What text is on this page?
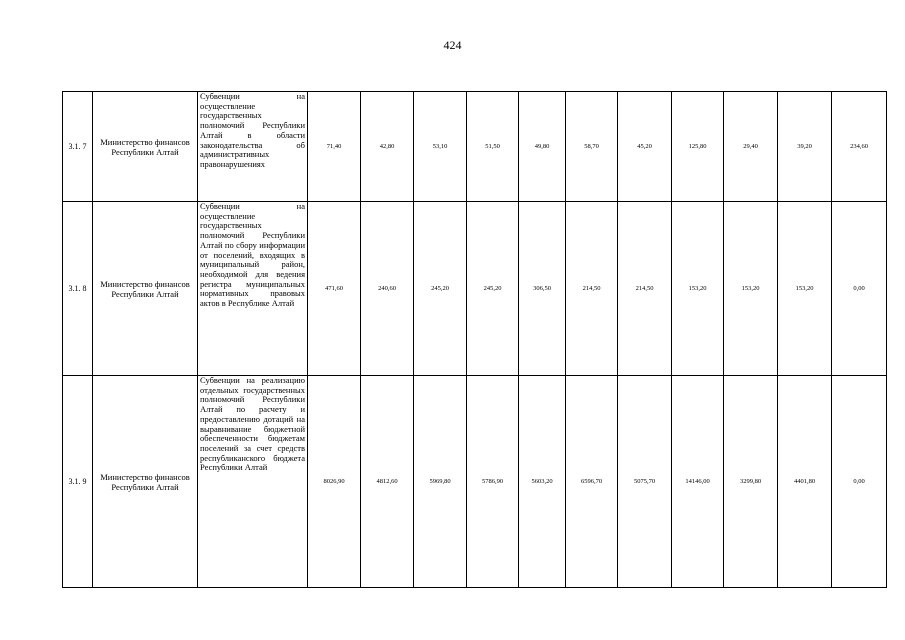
424
3.1. 7	Министерство финансов Республики Алтай	Субвенции на осуществление государственных полномочий Республики Алтай в области законодательства об административных правонарушениях	71,40	42,80	53,10	51,50	49,80	58,70	45,20	125,80	29,40	39,20	234,60
3.1. 8	Министерство финансов Республики Алтай	Субвенции на осуществление государственных полномочий Республики Алтай по сбору информации от поселений, входящих в муниципальный район, необходимой для ведения регистра муниципальных нормативных правовых актов в Республике Алтай	471,60	240,60	245,20	245,20	306,50	214,50	214,50	153,20	153,20	153,20	0,00
3.1. 9	Министерство финансов Республики Алтай	Субвенции на реализацию отдельных государственных полномочий Республики Алтай по расчету и предоставлению дотаций на выравнивание бюджетной обеспеченности бюджетам поселений за счет средств республиканского бюджета Республики Алтай	8026,90	4812,60	5969,80	5786,90	5603,20	6596,70	5075,70	14146,00	3299,80	4401,80	0,00
